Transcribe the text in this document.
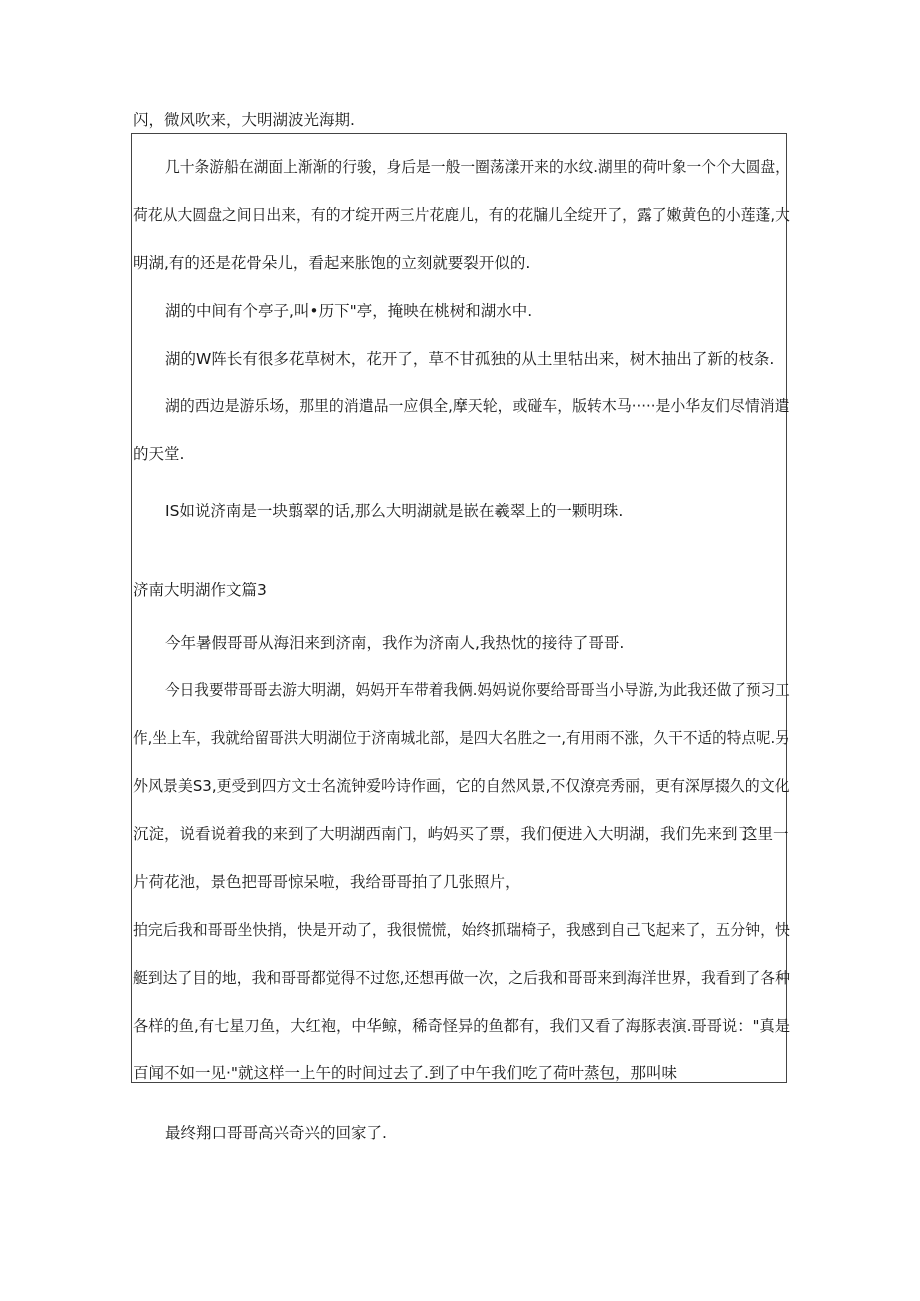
闪，微风吹来，大明湖波光海期.
几十条游船在湖面上渐渐的行骏，身后是一般一圈荡漾开来的水纹.湖里的荷叶象一个个大圆盘，
荷花从大圆盘之间日出来，有的才绽开两三片花鹿儿，有的花牖儿全绽开了，露了嫩黄色的小莲蓬,大
明湖,有的还是花骨朵儿，看起来胀饱的立刻就要裂开似的.
湖的中间有个亭子,叫•历下"亭，掩映在桃树和湖水中.
湖的W阵长有很多花草树木，花开了，草不甘孤独的从土里牯出来，树木抽出了新的枝条.
湖的西边是游乐场，那里的消遣品一应俱全,摩天轮，或碰车，版转木马·····是小华友们尽情消遣
的天堂.
IS如说济南是一块翦翠的话,那么大明湖就是嵌在羲翠上的一颗明珠.
济南大明湖作文篇3
今年暑假哥哥从海汨来到济南，我作为济南人,我热忱的接待了哥哥.
今日我要带哥哥去游大明湖，妈妈开车带着我俩.妈妈说你要给哥哥当小导游,为此我还做了预习工
作,坐上车，我就给留哥洪大明湖位于济南城北部，是四大名胜之一,有用雨不涨，久干不适的特点呢.另
外风景美S3,更受到四方文士名流钟爱吟诗作画，它的自然风景,不仅潦亮秀丽，更有深厚掇久的文化
沉淀，说看说着我的来到了大明湖西南门，屿妈买了票，我们便进入大明湖，我们先来到了
这里一
片荷花池，景色把哥哥惊呆啦，我给哥哥拍了几张照片，
拍完后我和哥哥坐快捎，快是开动了，我很慌慌，始终抓瑞椅子，我感到自己飞起来了，五分钟，快
艇到达了目的地，我和哥哥都觉得不过您,还想再做一次，之后我和哥哥来到海洋世界，我看到了各种
各样的鱼,有七星刀鱼，大红袍，中华鲸，稀奇怪异的鱼都有，我们又看了海豚表演.哥哥说："真是
百闻不如一见·"就这样一上午的时间过去了.到了中午我们吃了荷叶蒸包，那叫味
最终翔口哥哥高兴奇兴的回家了.
